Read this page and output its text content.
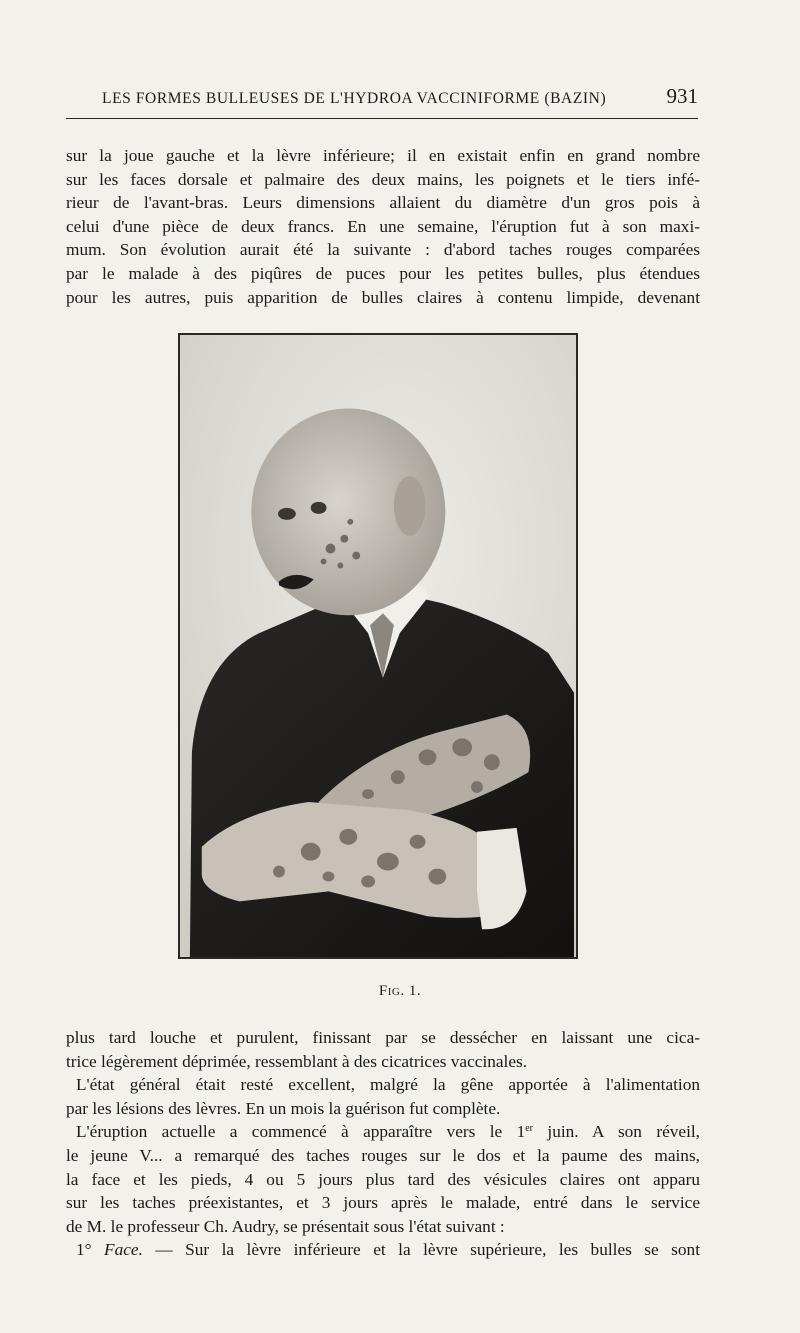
LES FORMES BULLEUSES DE L'HYDROA VACCINIFORME (BAZIN)	931

sur la joue gauche et la lèvre inférieure; il en existait enfin en grand nombre
sur les faces dorsale et palmaire des deux mains, les poignets et le tiers infé-
rieur de l'avant-bras. Leurs dimensions allaient du diamètre d'un gros pois à
celui d'une pièce de deux francs. En une semaine, l'éruption fut à son maxi-
mum. Son évolution aurait été la suivante : d'abord taches rouges comparées
par le malade à des piqûres de puces pour les petites bulles, plus étendues
pour les autres, puis apparition de bulles claires à contenu limpide, devenant

Fig. 1.

plus tard louche et purulent, finissant par se dessécher en laissant une cica-
trice légèrement déprimée, ressemblant à des cicatrices vaccinales.
L'état général était resté excellent, malgré la gêne apportée à l'alimentation
par les lésions des lèvres. En un mois la guérison fut complète.
L'éruption actuelle a commencé à apparaître vers le 1er juin. A son réveil,
le jeune V... a remarqué des taches rouges sur le dos et la paume des mains,
la face et les pieds, 4 ou 5 jours plus tard des vésicules claires ont apparu
sur les taches préexistantes, et 3 jours après le malade, entré dans le service
de M. le professeur Ch. Audry, se présentait sous l'état suivant :
1° Face. — Sur la lèvre inférieure et la lèvre supérieure, les bulles se sont
